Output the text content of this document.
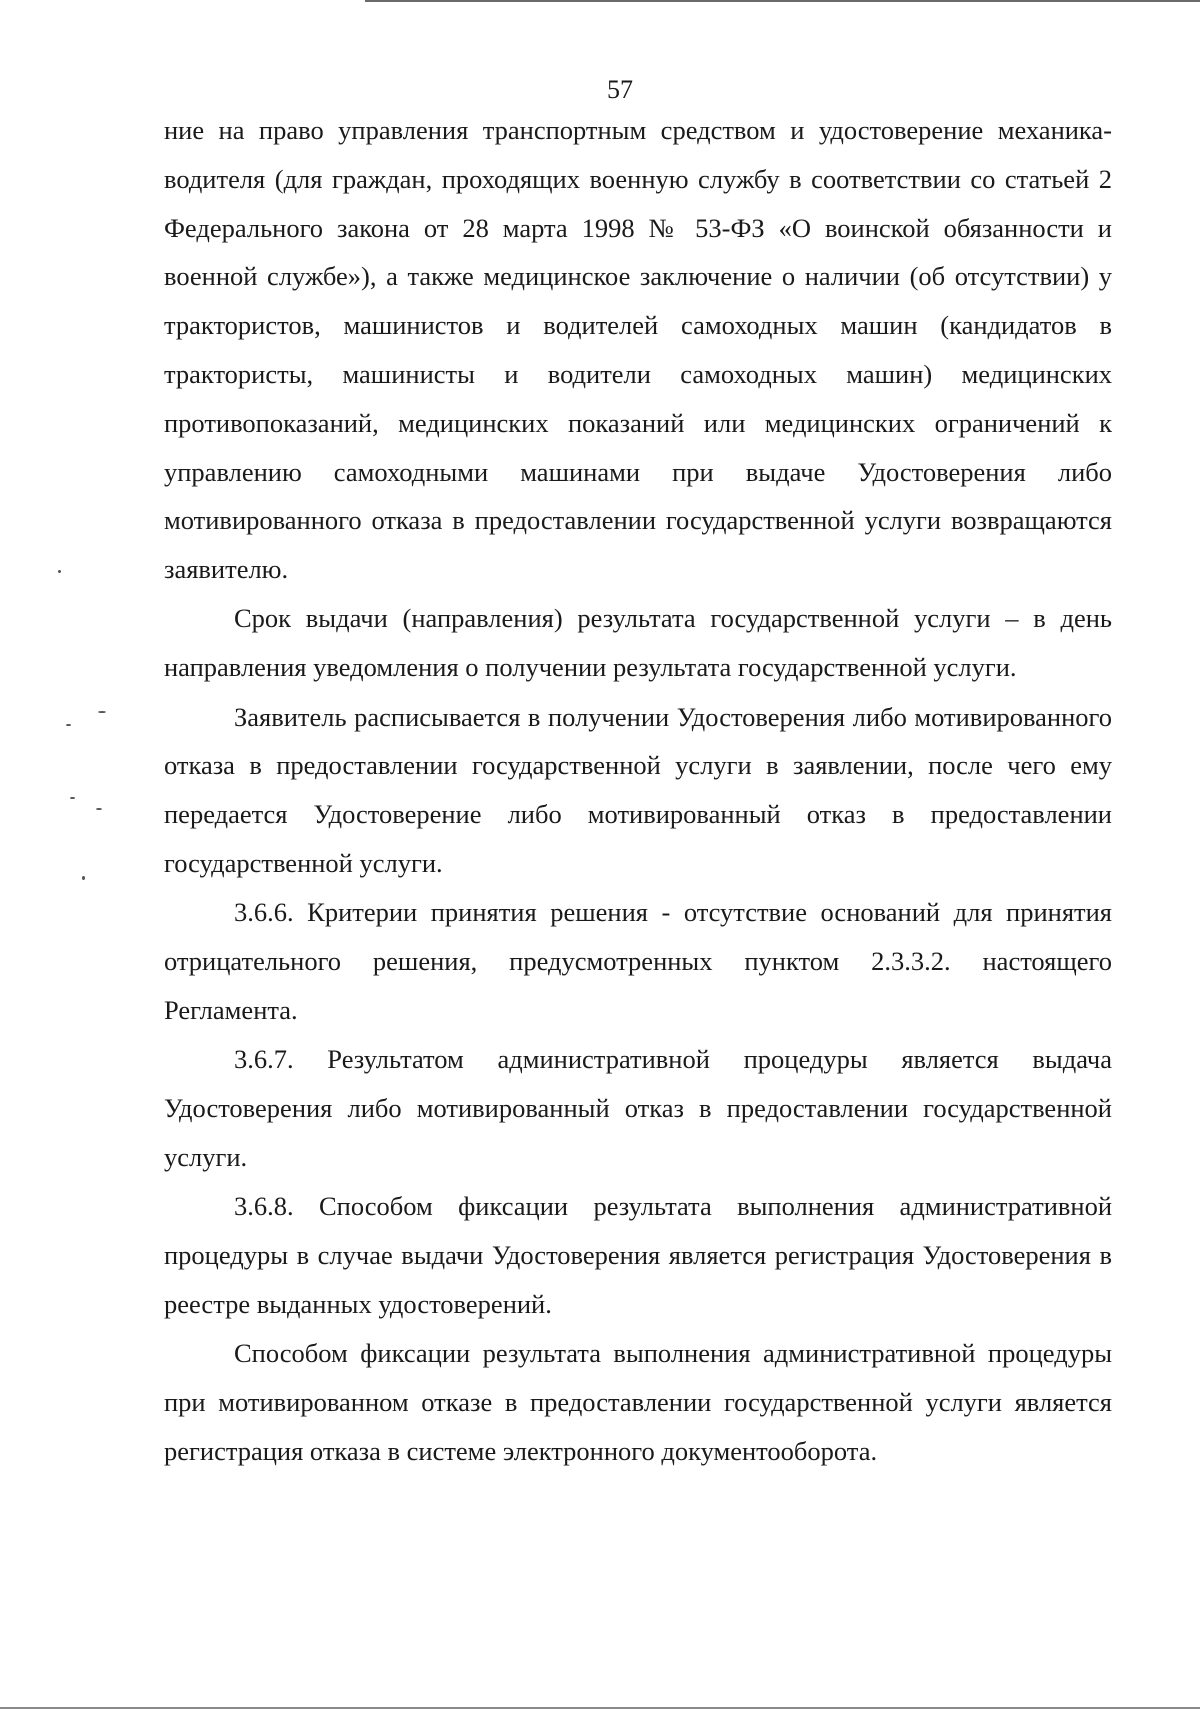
57

ние на право управления транспортным средством и удостоверение механика-водителя (для граждан, проходящих военную службу в соответствии со статьей 2 Федерального закона от 28 марта 1998 № 53-ФЗ «О воинской обязанности и военной службе»), а также медицинское заключение о наличии (об отсутствии) у трактористов, машинистов и водителей самоходных машин (кандидатов в трактористы, машинисты и водители самоходных машин) медицинских противопоказаний, медицинских показаний или медицинских ограничений к управлению самоходными машинами при выдаче Удостоверения либо мотивированного отказа в предоставлении государственной услуги возвращаются заявителю.

Срок выдачи (направления) результата государственной услуги – в день направления уведомления о получении результата государственной услуги.

Заявитель расписывается в получении Удостоверения либо мотивированного отказа в предоставлении государственной услуги в заявлении, после чего ему передается Удостоверение либо мотивированный отказ в предоставлении государственной услуги.

3.6.6. Критерии принятия решения - отсутствие оснований для принятия отрицательного решения, предусмотренных пунктом 2.3.3.2. настоящего Регламента.

3.6.7. Результатом административной процедуры является выдача Удостоверения либо мотивированный отказ в предоставлении государственной услуги.

3.6.8. Способом фиксации результата выполнения административной процедуры в случае выдачи Удостоверения является регистрация Удостоверения в реестре выданных удостоверений.

Способом фиксации результата выполнения административной процедуры при мотивированном отказе в предоставлении государственной услуги является регистрация отказа в системе электронного документооборота.
